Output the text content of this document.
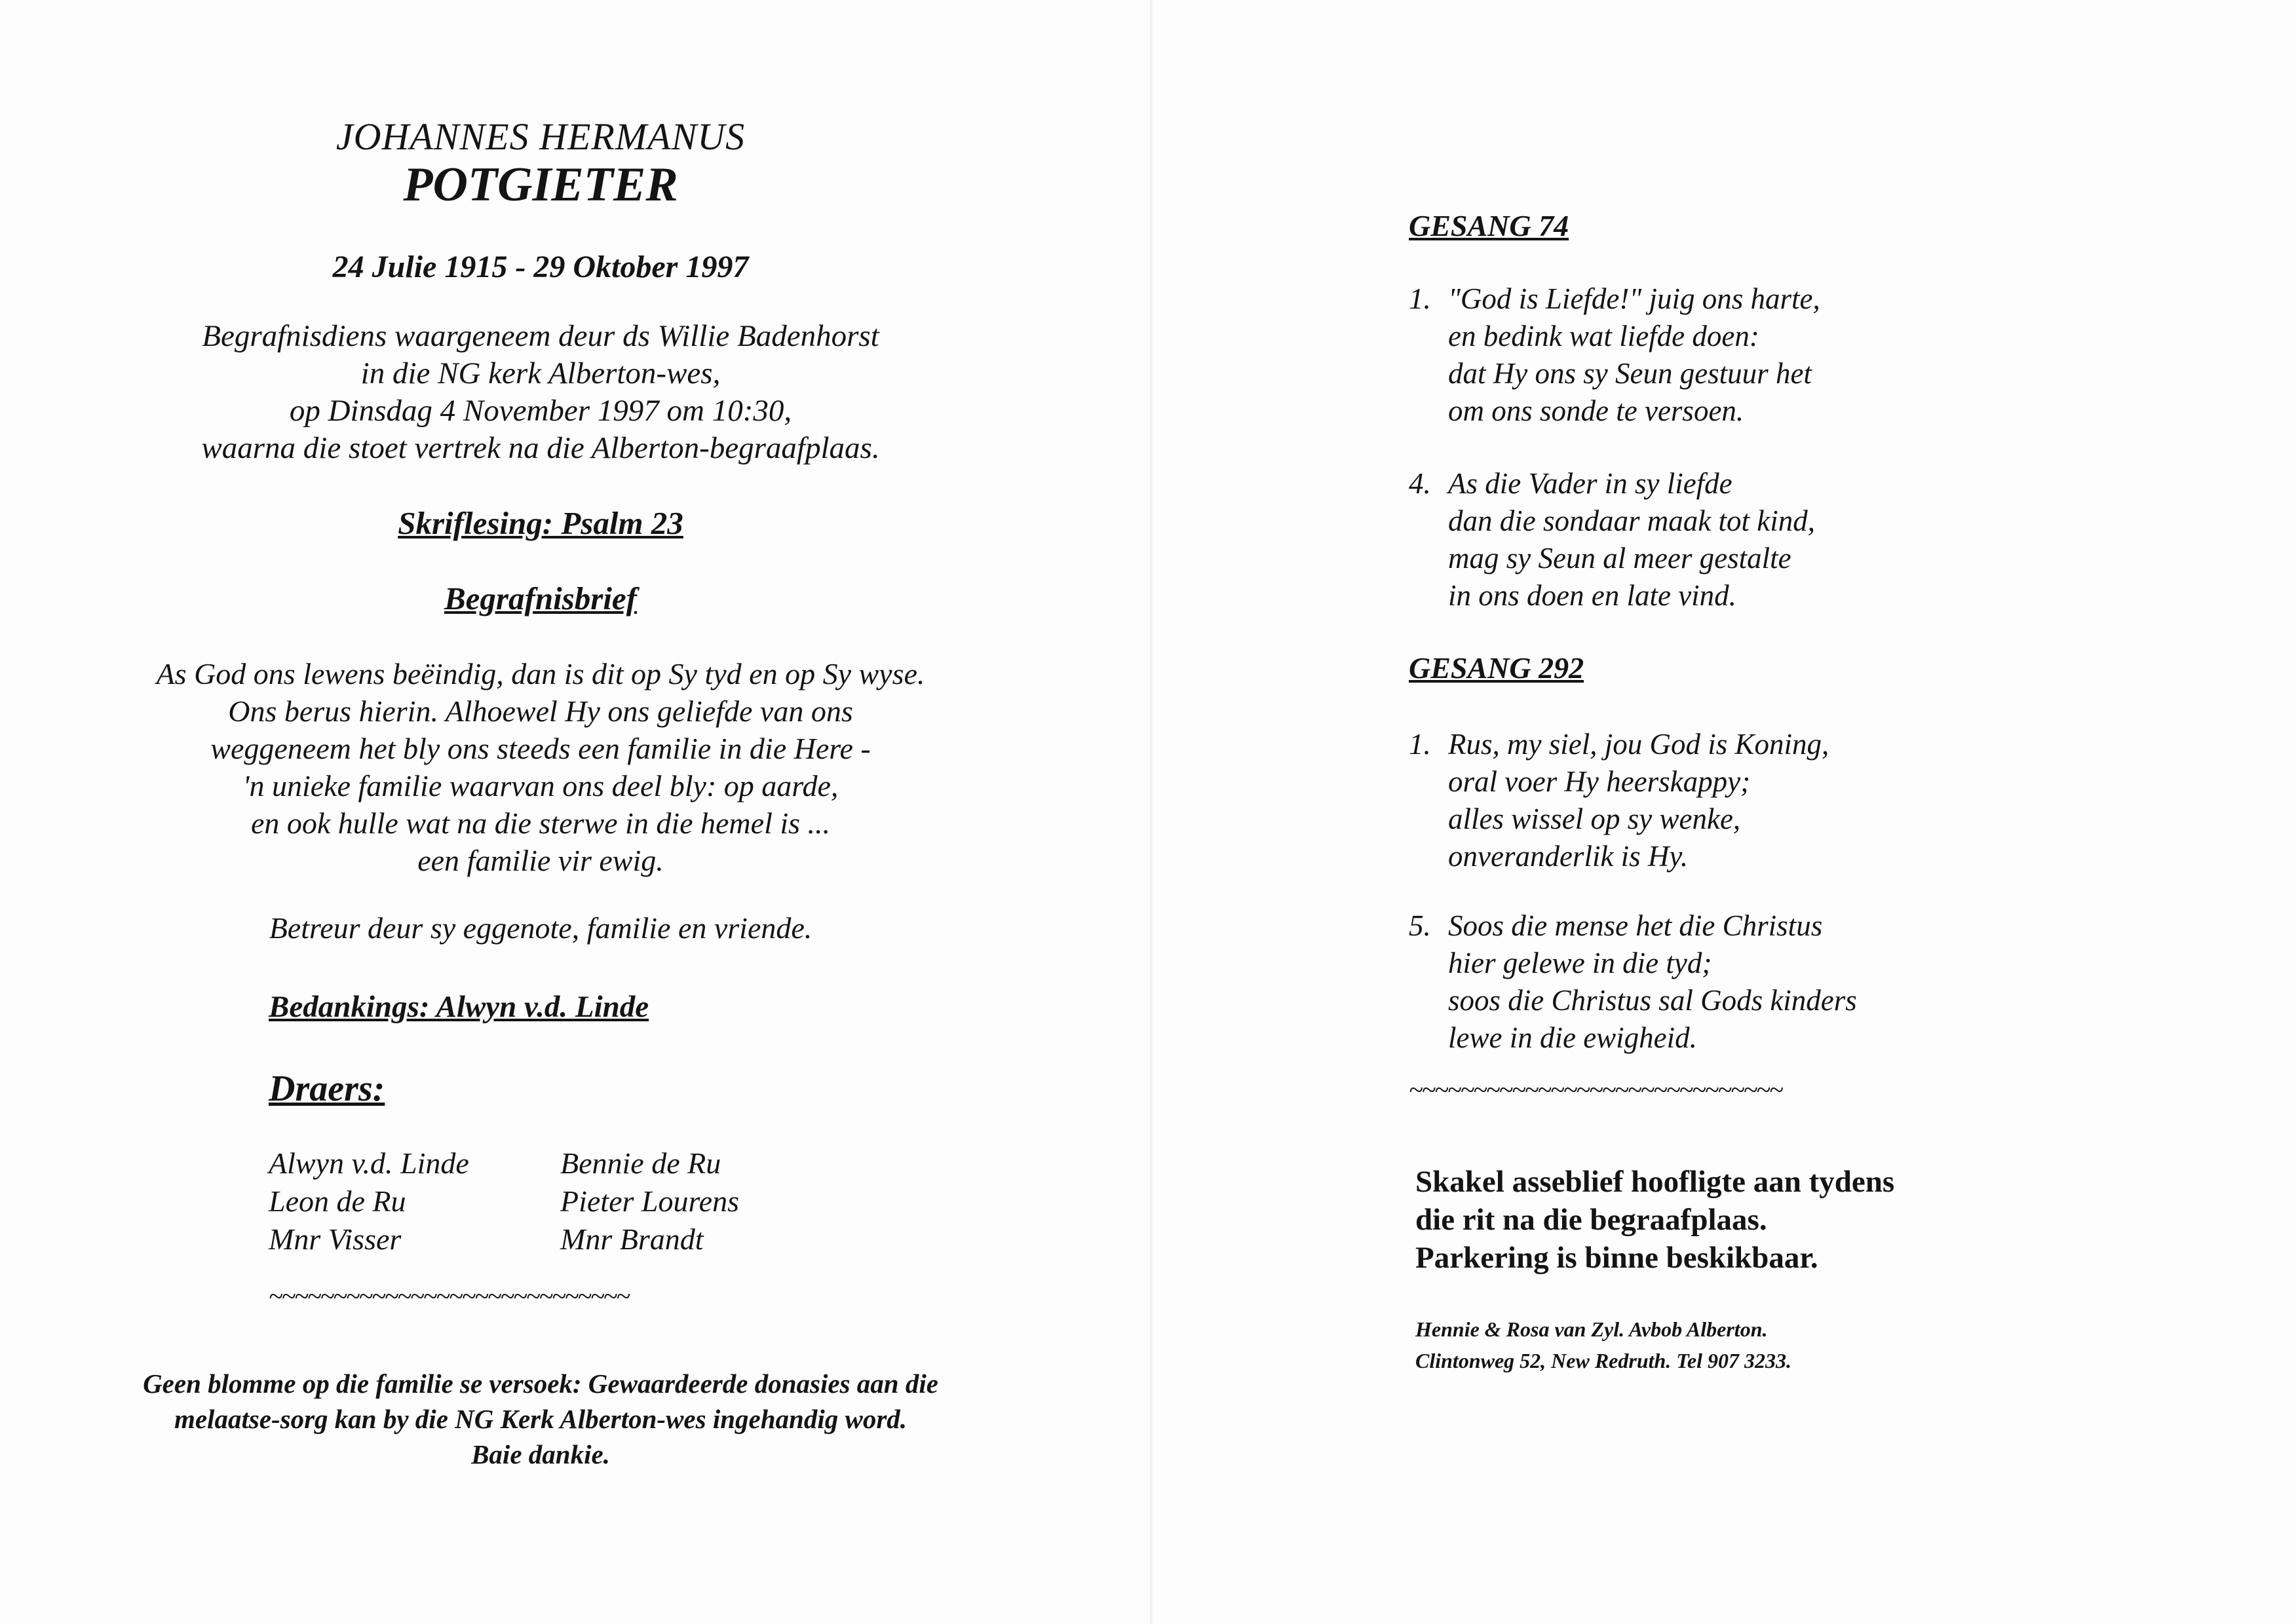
JOHANNES HERMANUS
POTGIETER
24 Julie 1915 - 29 Oktober 1997
Begrafnisdiens waargeneem deur ds Willie Badenhorst
in die NG kerk Alberton-wes,
op Dinsdag 4 November 1997 om 10:30,
waarna die stoet vertrek na die Alberton-begraafplaas.
Skriflesing: Psalm 23
Begrafnisbrief
As God ons lewens beëindig, dan is dit op Sy tyd en op Sy wyse.
Ons berus hierin. Alhoewel Hy ons geliefde van ons
weggeneem het bly ons steeds een familie in die Here -
'n unieke familie waarvan ons deel bly: op aarde,
en ook hulle wat na die sterwe in die hemel is ...
een familie vir ewig.
Betreur deur sy eggenote, familie en vriende.
Bedankings: Alwyn v.d. Linde
Draers:
Alwyn v.d. Linde	Bennie de Ru
Leon de Ru	Pieter Lourens
Mnr Visser	Mnr Brandt
~~~~~~~~~~~~~~~~~~~~~~~~~~~~
Geen blomme op die familie se versoek: Gewaardeerde donasies aan die
melaatse-sorg kan by die NG Kerk Alberton-wes ingehandig word.
Baie dankie.
GESANG 74
1. "God is Liefde!" juig ons harte,
en bedink wat liefde doen:
dat Hy ons sy Seun gestuur het
om ons sonde te versoen.
4. As die Vader in sy liefde
dan die sondaar maak tot kind,
mag sy Seun al meer gestalte
in ons doen en late vind.
GESANG 292
1. Rus, my siel, jou God is Koning,
oral voer Hy heerskappy;
alles wissel op sy wenke,
onveranderlik is Hy.
5. Soos die mense het die Christus
hier gelewe in die tyd;
soos die Christus sal Gods kinders
lewe in die ewigheid.
~~~~~~~~~~~~~~~~~~~~~~~~~~~~~
Skakel asseblief hoofligte aan tydens
die rit na die begraafplaas.
Parkering is binne beskikbaar.
Hennie & Rosa van Zyl. Avbob Alberton.
Clintonweg 52, New Redruth. Tel 907 3233.
